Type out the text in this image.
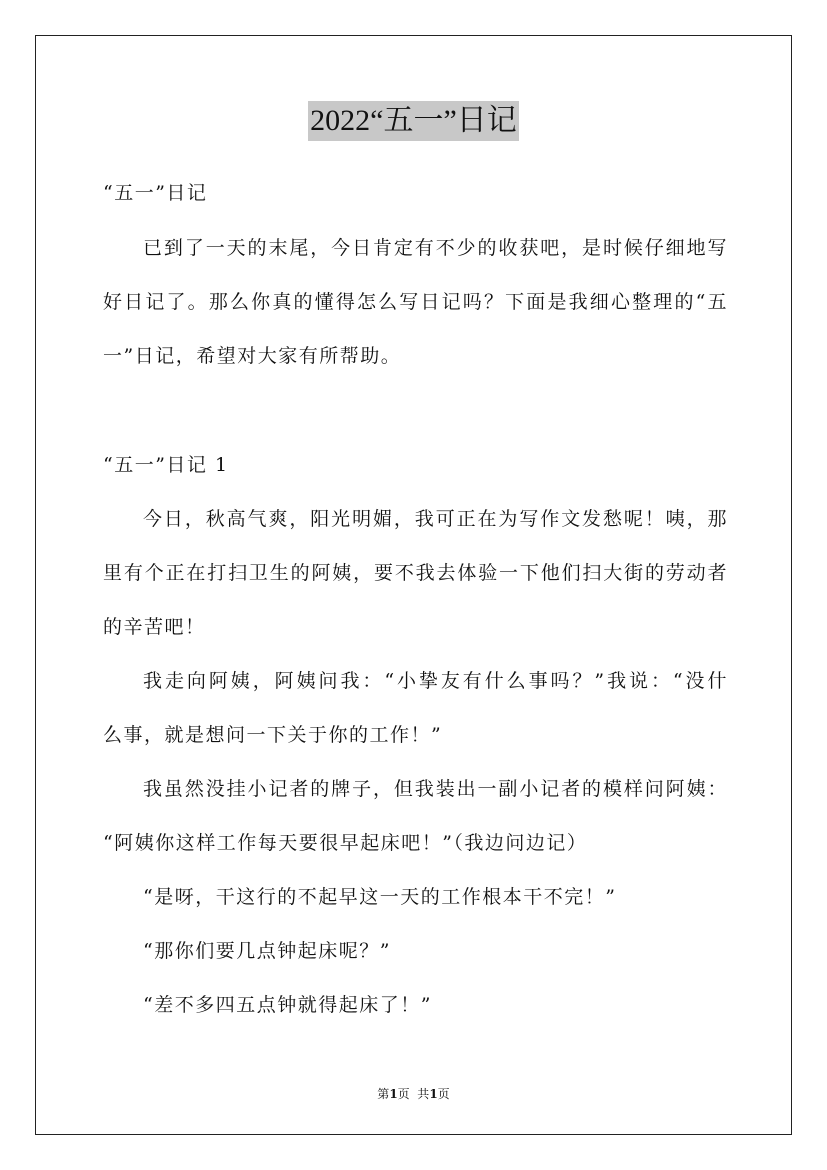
2022“五一”日记
“五一”日记
已到了一天的末尾，今日肯定有不少的收获吧，是时候仔细地写
好日记了。那么你真的懂得怎么写日记吗？下面是我细心整理的“五
一”日记，希望对大家有所帮助。
“五一”日记 1
今日，秋高气爽，阳光明媚，我可正在为写作文发愁呢！咦，那
里有个正在打扫卫生的阿姨，要不我去体验一下他们扫大街的劳动者
的辛苦吧！
我走向阿姨，阿姨问我：“小挚友有什么事吗？”我说：“没什
么事，就是想问一下关于你的工作！”
我虽然没挂小记者的牌子，但我装出一副小记者的模样问阿姨：
“阿姨你这样工作每天要很早起床吧！”（我边问边记）
“是呀，干这行的不起早这一天的工作根本干不完！”
“那你们要几点钟起床呢？”
“差不多四五点钟就得起床了！”
第1页  共1页
